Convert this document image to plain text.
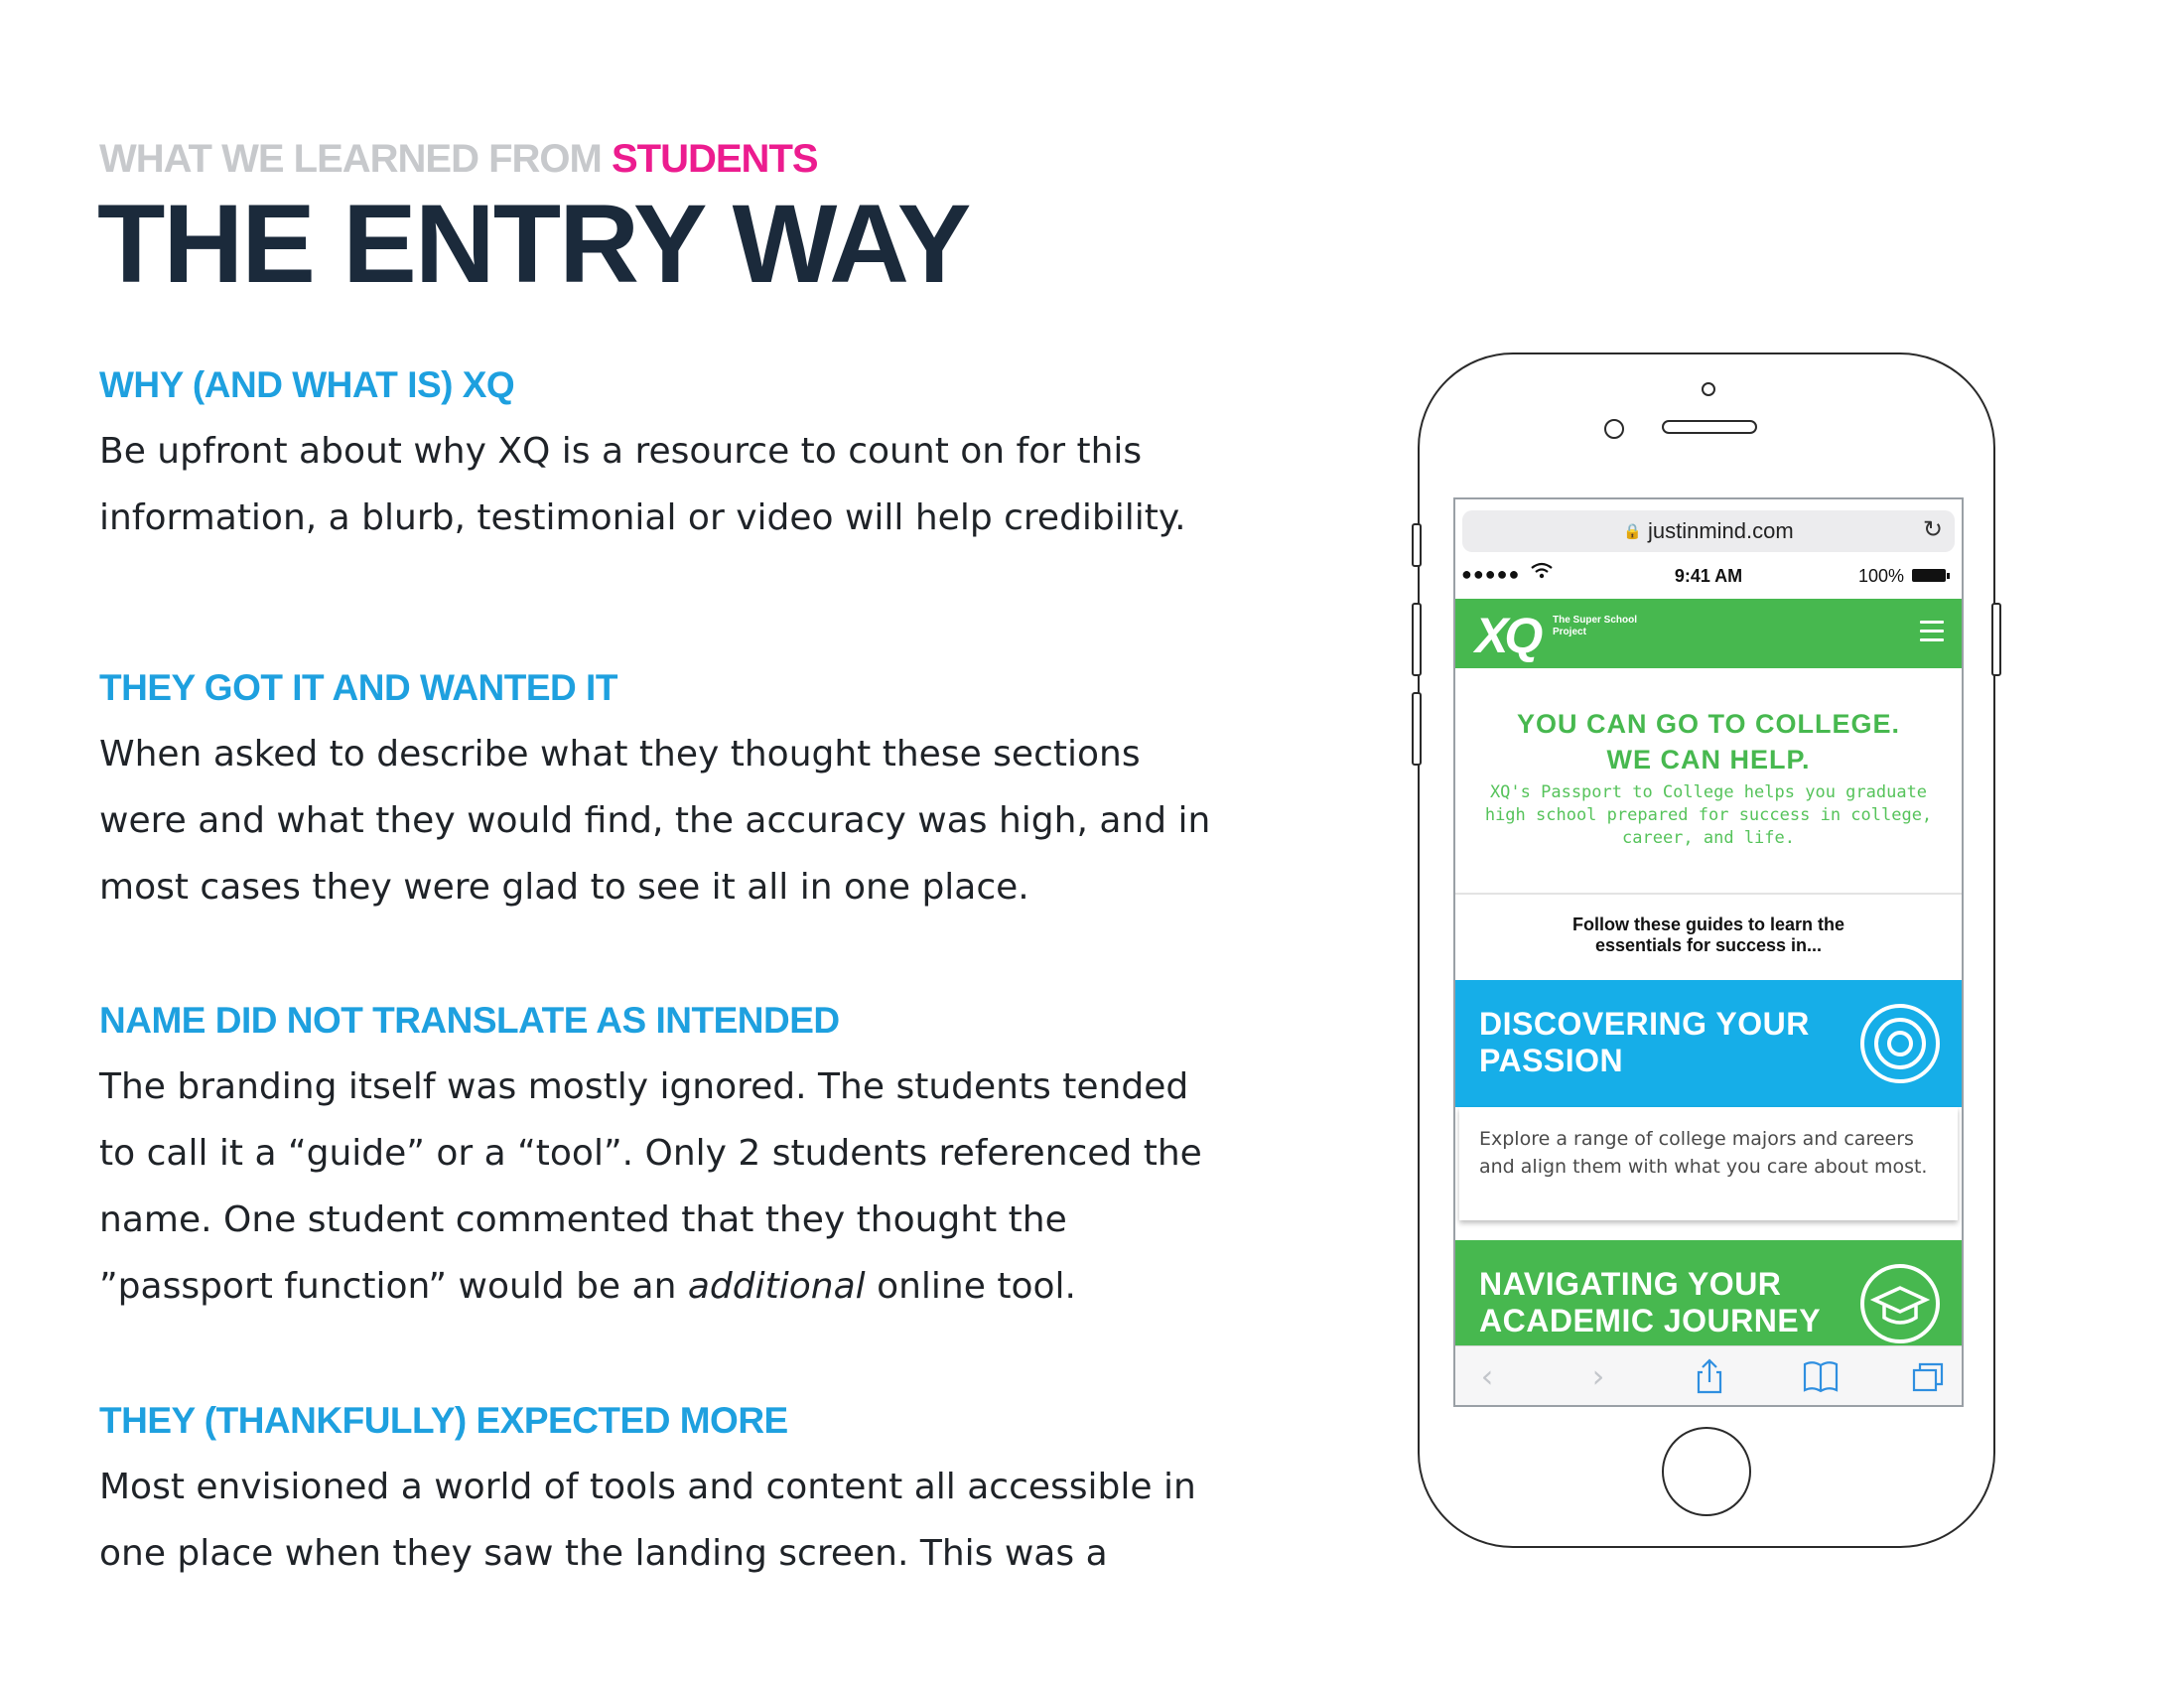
WHAT WE LEARNED FROM STUDENTS
THE ENTRY WAY
WHY (AND WHAT IS) XQ

Be upfront about why XQ is a resource to count on for this information, a blurb, testimonial or video will help credibility.

THEY GOT IT AND WANTED IT

When asked to describe what they thought these sections were and what they would find, the accuracy was high, and in most cases they were glad to see it all in one place.

NAME DID NOT TRANSLATE AS INTENDED

The branding itself was mostly ignored. The students tended to call it a “guide” or a “tool”. Only 2 students referenced the name. One student commented that they thought the ”passport function” would be an additional online tool.

THEY (THANKFULLY) EXPECTED MORE

Most envisioned a world of tools and content all accessible in one place when they saw the landing screen. This was a

🔒 justinmind.com	↻
●●●●●	9:41 AM	100%
XQ The Super School Project
YOU CAN GO TO COLLEGE.
WE CAN HELP.

XQ's Passport to College helps you graduate high school prepared for success in college, career, and life.

Follow these guides to learn the essentials for success in...
DISCOVERING YOUR PASSION
Explore a range of college majors and careers and align them with what you care about most.
NAVIGATING YOUR ACADEMIC JOURNEY
‹	›
